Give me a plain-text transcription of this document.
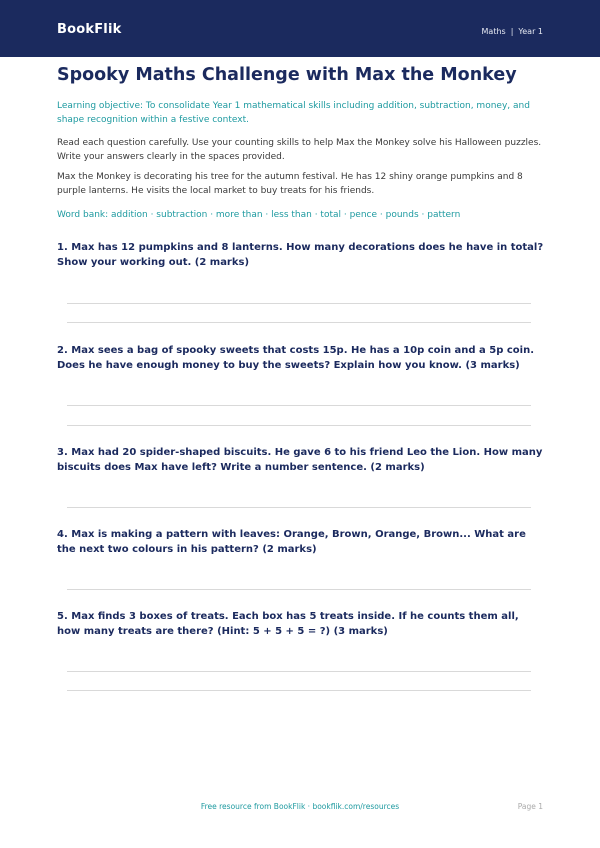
BookFlik	Maths | Year 1
Spooky Maths Challenge with Max the Monkey

Learning objective: To consolidate Year 1 mathematical skills including addition, subtraction, money, and shape recognition within a festive context.

Read each question carefully. Use your counting skills to help Max the Monkey solve his Halloween puzzles. Write your answers clearly in the spaces provided.

Max the Monkey is decorating his tree for the autumn festival. He has 12 shiny orange pumpkins and 8 purple lanterns. He visits the local market to buy treats for his friends.

Word bank: addition · subtraction · more than · less than · total · pence · pounds · pattern

1. Max has 12 pumpkins and 8 lanterns. How many decorations does he have in total? Show your working out. (2 marks)

2. Max sees a bag of spooky sweets that costs 15p. He has a 10p coin and a 5p coin. Does he have enough money to buy the sweets? Explain how you know. (3 marks)

3. Max had 20 spider-shaped biscuits. He gave 6 to his friend Leo the Lion. How many biscuits does Max have left? Write a number sentence. (2 marks)

4. Max is making a pattern with leaves: Orange, Brown, Orange, Brown... What are the next two colours in his pattern? (2 marks)

5. Max finds 3 boxes of treats. Each box has 5 treats inside. If he counts them all, how many treats are there? (Hint: 5 + 5 + 5 = ?) (3 marks)

Free resource from BookFlik · bookflik.com/resources	Page 1
